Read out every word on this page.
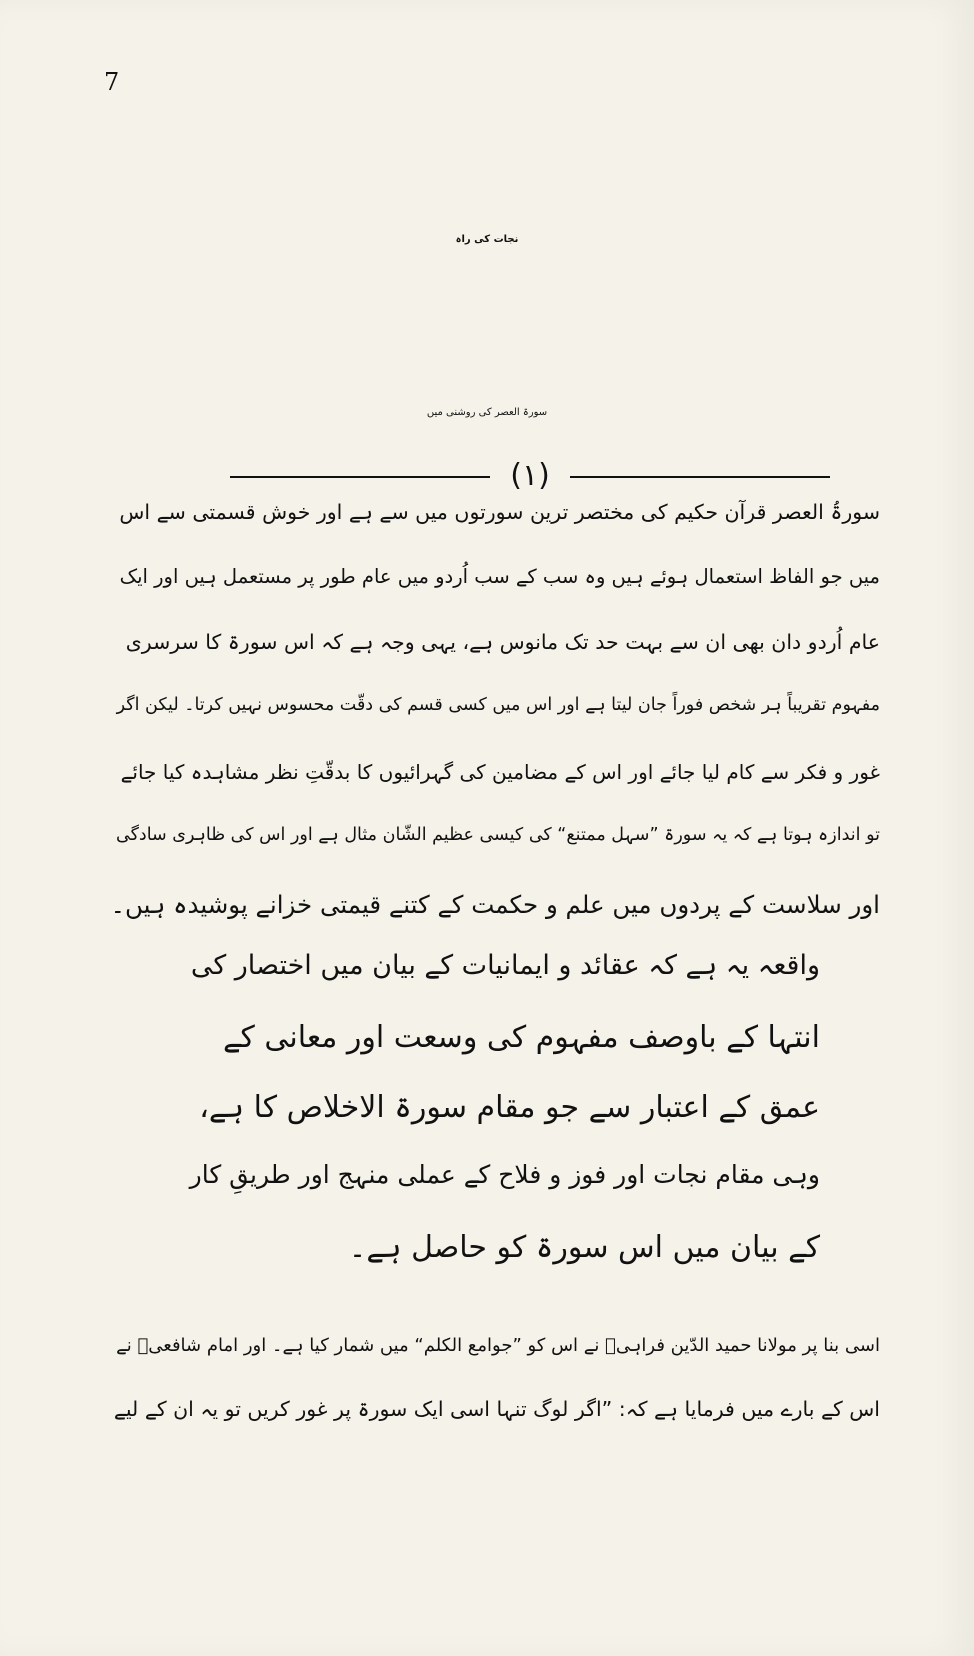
7
نجات کی راہ
سورۃ العصر کی روشنی میں
(۱)
سورۃُ العصر قرآن حکیم کی مختصر ترین سورتوں میں سے ہے اور خوش قسمتی سے اس
میں جو الفاظ استعمال ہوئے ہیں وہ سب کے سب اُردو میں عام طور پر مستعمل ہیں اور ایک
عام اُردو دان بھی ان سے بہت حد تک مانوس ہے، یہی وجہ ہے کہ اس سورۃ کا سرسری
مفہوم تقریباً ہر شخص فوراً جان لیتا ہے اور اس میں کسی قسم کی دقّت محسوس نہیں کرتا۔ لیکن اگر
غور و فکر سے کام لیا جائے اور اس کے مضامین کی گہرائیوں کا بدقّتِ نظر مشاہدہ کیا جائے
تو اندازہ ہوتا ہے کہ یہ سورۃ ”سہل ممتنع“ کی کیسی عظیم الشّان مثال ہے اور اس کی ظاہری سادگی
اور سلاست کے پردوں میں علم و حکمت کے کتنے قیمتی خزانے پوشیدہ ہیں۔
واقعہ یہ ہے کہ عقائد و ایمانیات کے بیان میں اختصار کی
انتہا کے باوصف مفہوم کی وسعت اور معانی کے
عمق کے اعتبار سے جو مقام سورۃ الاخلاص کا ہے،
وہی مقام نجات اور فوز و فلاح کے عملی منہج اور طریقِ کار
کے بیان میں اس سورۃ کو حاصل ہے۔
اسی بنا پر مولانا حمید الدّین فراہیؒ نے اس کو ”جوامع الکلم“ میں شمار کیا ہے۔ اور امام شافعیؒ نے
اس کے بارے میں فرمایا ہے کہ: ”اگر لوگ تنہا اسی ایک سورۃ پر غور کریں تو یہ ان کے لیے
